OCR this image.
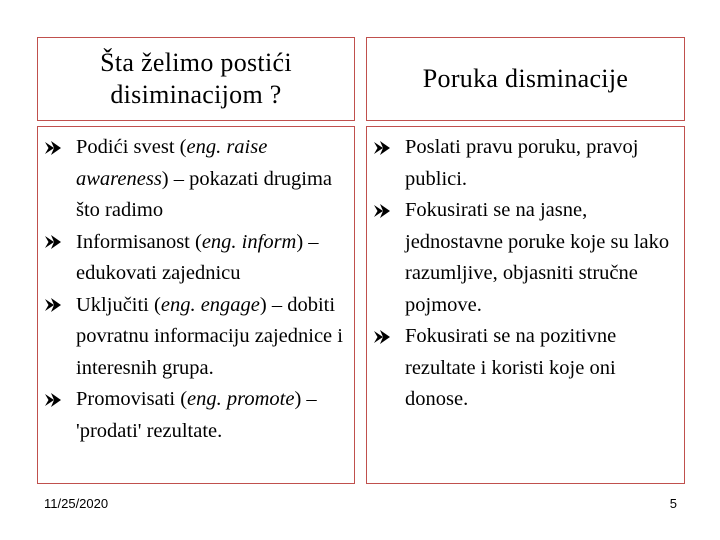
Šta želimo postići disiminacijom ?
Poruka disminacije
Podići svest (eng. raise awareness) – pokazati drugima što radimo
Informisanost (eng. inform) – edukovati zajednicu
Uključiti (eng. engage) – dobiti povratnu informaciju zajednice i interesnih grupa.
Promovisati (eng. promote) – 'prodati' rezultate.
Poslati pravu poruku, pravoj publici.
Fokusirati se na jasne, jednostavne poruke koje su lako razumljive, objasniti stručne pojmove.
Fokusirati se na pozitivne rezultate i koristi koje oni donose.
11/25/2020	5
